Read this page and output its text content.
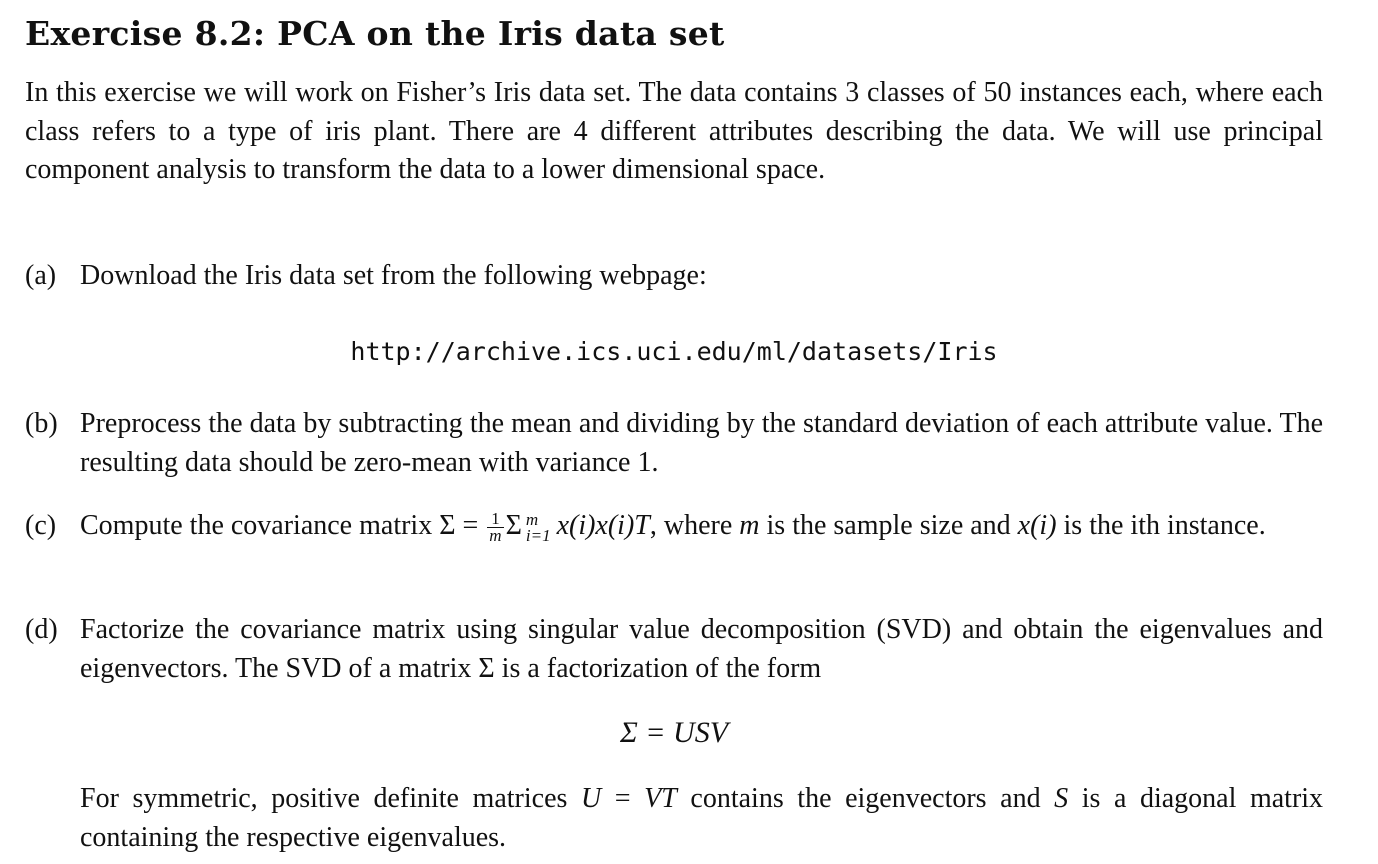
Exercise 8.2: PCA on the Iris data set

In this exercise we will work on Fisher’s Iris data set. The data contains 3 classes of 50 instances each, where each class refers to a type of iris plant. There are 4 different attributes describing the data. We will use principal component analysis to transform the data to a lower dimensional space.

(a) Download the Iris data set from the following webpage:
http://archive.ics.uci.edu/ml/datasets/Iris
(b) Preprocess the data by subtracting the mean and dividing by the standard deviation of each attribute value. The resulting data should be zero-mean with variance 1.
(c) Compute the covariance matrix $\Sigma = \frac{1}{m}$ Σ m
i=1 x(i)x(i)T, where m is the sample size and x(i) is the ith instance.
(d) Factorize the covariance matrix using singular value decomposition (SVD) and obtain the eigenvalues and eigenvectors. The SVD of a matrix Σ is a factorization of the form
Σ = USV
For symmetric, positive definite matrices U = VT contains the eigenvectors and S is a diagonal matrix containing the respective eigenvalues.
